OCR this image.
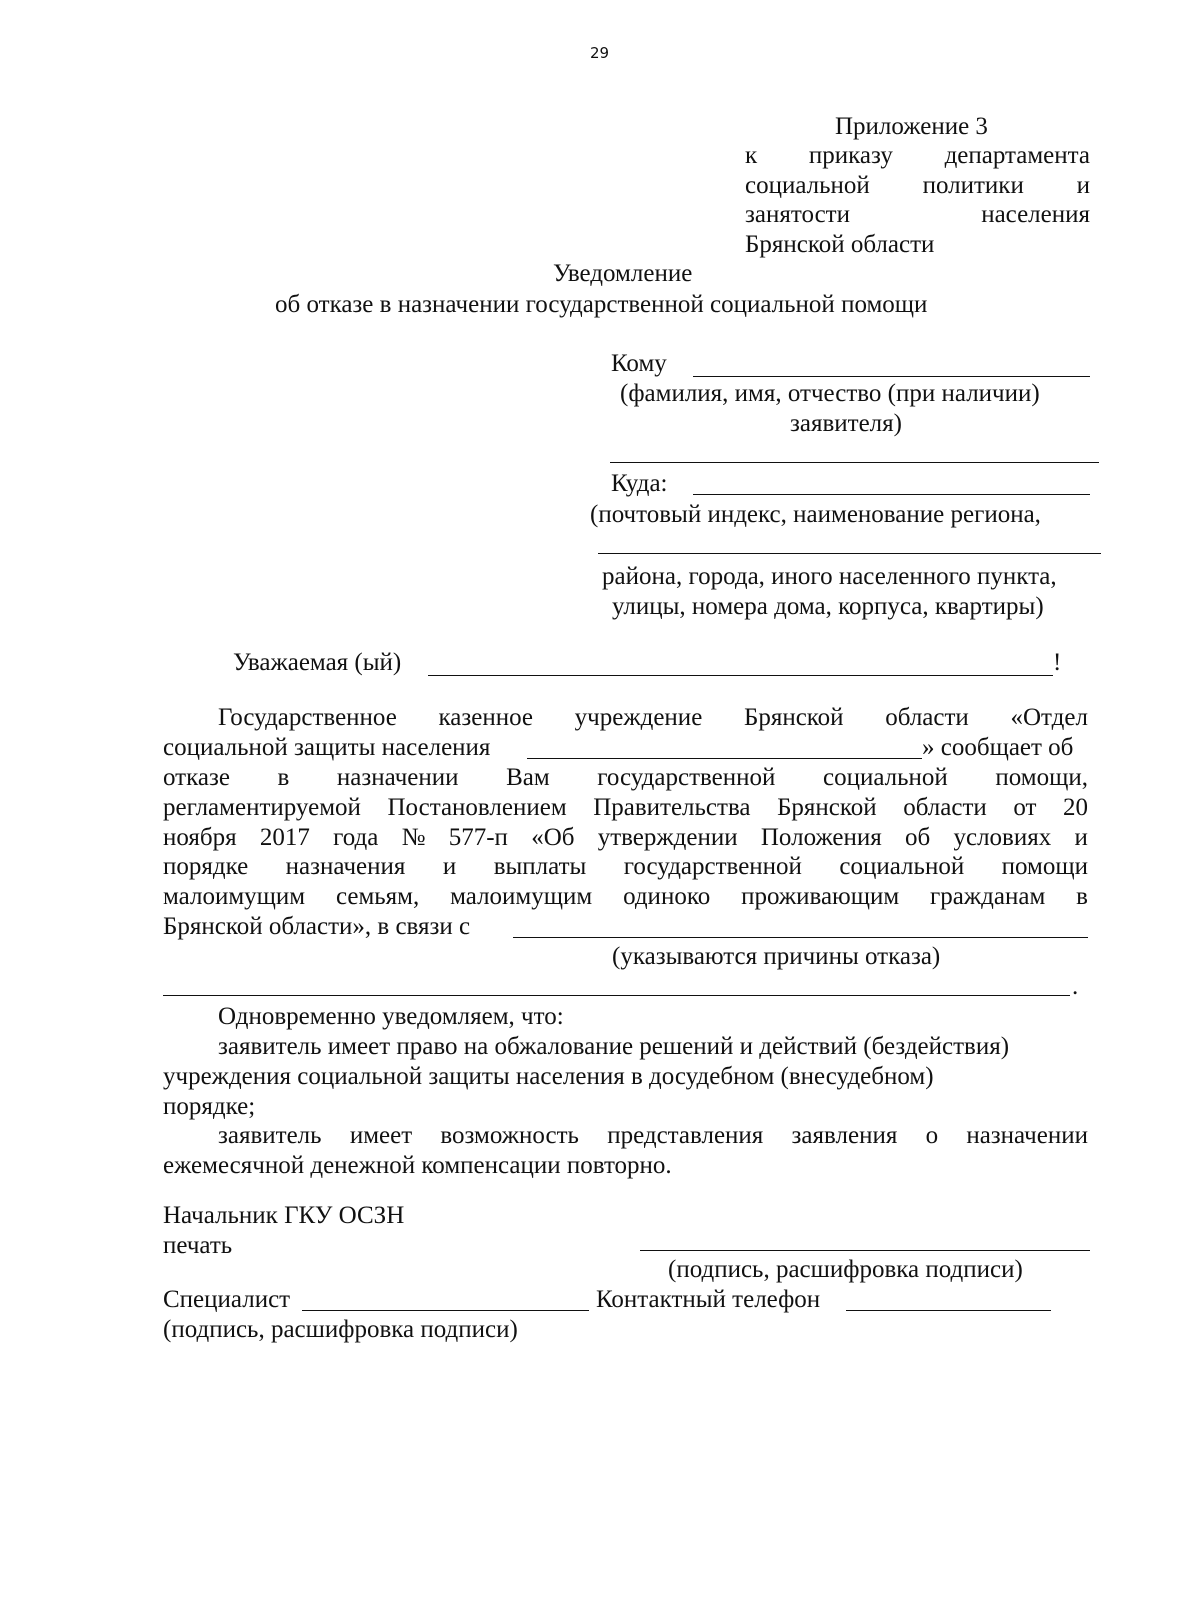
29
Приложение 3
к приказу департамента
социальной политики и
занятости	населения
Брянской области
Уведомление
об отказе в назначении государственной социальной помощи
Кому
(фамилия, имя, отчество (при наличии)
заявителя)
Куда:
(почтовый индекс, наименование региона,
района, города, иного населенного пункта,
улицы, номера дома, корпуса, квартиры)
Уважаемая (ый)	!
Государственное казенное учреждение Брянской области «Отдел
социальной защиты населения	» сообщает об
отказе в назначении Вам государственной социальной помощи,
регламентируемой Постановлением Правительства Брянской области от 20
ноября 2017 года № 577-п «Об утверждении Положения об условиях и
порядке назначения и выплаты государственной социальной помощи
малоимущим семьям, малоимущим одиноко проживающим гражданам в
Брянской области», в связи с
(указываются причины отказа)
.
Одновременно уведомляем, что:
заявитель имеет право на обжалование решений и действий (бездействия)
учреждения социальной защиты населения в досудебном (внесудебном)
порядке;
заявитель имеет возможность представления заявления о назначении
ежемесячной денежной компенсации повторно.
Начальник ГКУ ОСЗН
печать
(подпись, расшифровка подписи)
Специалист	Контактный телефон
(подпись, расшифровка подписи)
